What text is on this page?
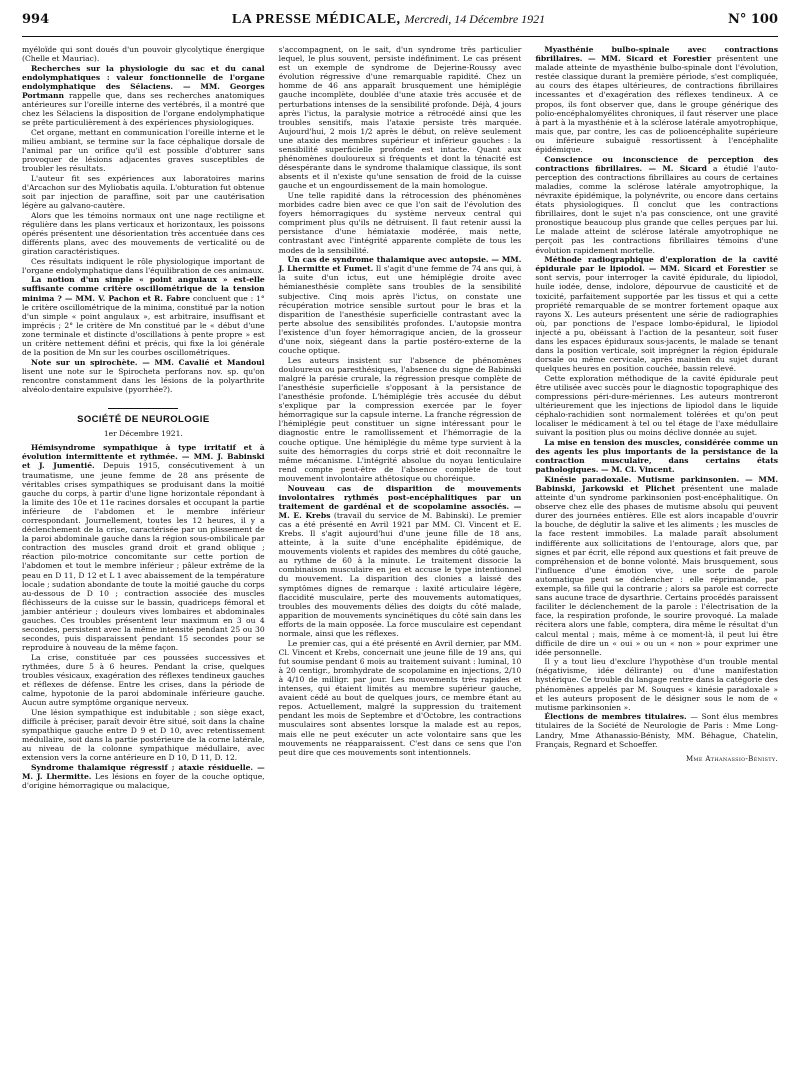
994	LA PRESSE MÉDICALE, Mercredi, 14 Décembre 1921	N° 100

myéloïde qui sont doués d'un pouvoir glycolytique énergique (Chelle et Mauriac).

Recherches sur la physiologie du sac et du canal endolymphatiques : valeur fonctionnelle de l'organe endolymphatique des Sélaciens. — MM. Georges Portmann rappelle que, dans ses recherches anatomiques antérieures sur l'oreille interne des vertébrés, il a montré que chez les Sélaciens la disposition de l'organe endolymphatique se prête particulièrement à des expériences physiologiques.

Cet organe, mettant en communication l'oreille interne et le milieu ambiant, se termine sur la face céphalique dorsale de l'animal par un orifice qu'il est possible d'obturer sans provoquer de lésions adjacentes graves susceptibles de troubler les résultats.

L'auteur fit ses expériences aux laboratoires marins d'Arcachon sur des Myliobatis aquila. L'obturation fut obtenue soit par injection de paraffine, soit par une cautérisation légère au galvano-cautère.

Alors que les témoins normaux ont une nage rectiligne et régulière dans les plans verticaux et horizontaux, les poissons opérés présentent une désorientation très accentuée dans ces différents plans, avec des mouvements de verticalité ou de giration caractéristiques.

Ces résultats indiquent le rôle physiologique important de l'organe endolymphatique dans l'équilibration de ces animaux.

La notion d'un simple « point angulaux » est-elle suffisante comme critère oscillométrique de la tension minima ? — MM. V. Pachon et R. Fabre concluent que : 1° le critère oscillométrique de la minima, constitué par la notion d'un simple « point angulaux », est arbitraire, insuffisant et imprécis ; 2° le critère de Mn constitué par le « début d'une zone terminale et distincte d'oscillations à pente propre » est un critère nettement défini et précis, qui fixe la loi générale de la position de Mn sur les courbes oscillométriques.

Note sur un spirochète. — MM. Cavalié et Mandoul lisent une note sur le Spirocheta perforans nov. sp. qu'on rencontre constamment dans les lésions de la polyarthrite alvéolo-dentaire expulsive (pyorrhée?).

SOCIÉTÉ DE NEUROLOGIE
1er Décembre 1921.

Hémisyndrome sympathique à type irritatif et à évolution intermittente et rythmée. — MM. J. Babinski et J. Jumentié. Depuis 1915, consécutivement à un traumatisme, une jeune femme de 28 ans présente de véritables crises sympathiques se produisant dans la moitié gauche du corps, à partir d'une ligne horizontale répondant à la limite des 10e et 11e racines dorsales et occupant la partie inférieure de l'abdomen et le membre inférieur correspondant. Journellement, toutes les 12 heures, il y a déclenchement de la crise, caractérisée par un plissement de la paroi abdominale gauche dans la région sous-ombilicale par contraction des muscles grand droit et grand oblique ; réaction pilo-motrice concomitante sur cette portion de l'abdomen et tout le membre inférieur ; pâleur extrême de la peau en D 11, D 12 et L 1 avec abaissement de la température locale ; sudation abondante de toute la moitié gauche du corps au-dessous de D 10 ; contraction associée des muscles fléchisseurs de la cuisse sur le bassin, quadriceps fémoral et jambier antérieur ; douleurs vives lombaires et abdominales gauches. Ces troubles présentent leur maximum en 3 ou 4 secondes, persistent avec la même intensité pendant 25 ou 30 secondes, puis disparaissent pendant 15 secondes pour se reproduire à nouveau de la même façon.

La crise, constituée par ces poussées successives et rythmées, dure 5 à 6 heures. Pendant la crise, quelques troubles vésicaux, exagération des réflexes tendineux gauches et réflexes de défense. Entre les crises, dans la période de calme, hypotonie de la paroi abdominale inférieure gauche. Aucun autre symptôme organique nerveux.

Une lésion sympathique est indubitable ; son siège exact, difficile à préciser, paraît devoir être situé, soit dans la chaîne sympathique gauche entre D 9 et D 10, avec retentissement médullaire, soit dans la partie postérieure de la corne latérale, au niveau de la colonne sympathique médullaire, avec extension vers la corne antérieure en D 10, D 11, D. 12.

Syndrome thalamique régressif ; ataxie résiduelle. — M. J. Lhermitte. Les lésions en foyer de la couche optique, d'origine hémorragique ou malacique,

s'accompagnent, on le sait, d'un syndrome très particulier lequel, le plus souvent, persiste indéfiniment. Le cas présent est un exemple de syndrome de Dejerine-Roussy avec évolution régressive d'une remarquable rapidité. Chez un homme de 46 ans apparaît brusquement une hémiplégie gauche incomplète, doublée d'une ataxie très accusée et de perturbations intenses de la sensibilité profonde. Déjà, 4 jours après l'ictus, la paralysie motrice a rétrocédé ainsi que les troubles sensitifs, mais l'ataxie persiste très marquée. Aujourd'hui, 2 mois 1/2 après le début, on relève seulement une ataxie des membres supérieur et inférieur gauches : la sensibilité superficielle profonde est intacte. Quant aux phénomènes douloureux si fréquents et dont la ténacité est désespérante dans le syndrome thalamique classique, ils sont absents et il n'existe qu'une sensation de froid de la cuisse gauche et un engourdissement de la main homologue.

Une telle rapidité dans la rétrocession des phénomènes morbides cadre bien avec ce que l'on sait de l'évolution des foyers hémorragiques du système nerveux central qui compriment plus qu'ils ne détruisent. Il faut retenir aussi la persistance d'une hémiataxie modérée, mais nette, contrastant avec l'intégrité apparente complète de tous les modes de la sensibilité.

Un cas de syndrome thalamique avec autopsie. — MM. J. Lhermitte et Fumet. Il s'agit d'une femme de 74 ans qui, à la suite d'un ictus, eut une hémiplégie droite avec hémianesthésie complète sans troubles de la sensibilité subjective. Cinq mois après l'ictus, on constate une récupération motrice sensible surtout pour le bras et la disparition de l'anesthésie superficielle contrastant avec la perte absolue des sensibilités profondes. L'autopsie montra l'existence d'un foyer hémorragique ancien, de la grosseur d'une noix, siégeant dans la partie postéro-externe de la couche optique.

Les auteurs insistent sur l'absence de phénomènes douloureux ou paresthésiques, l'absence du signe de Babinski malgré la parésie crurale, la régression presque complète de l'anesthésie superficielle s'opposant à la persistance de l'anesthésie profonde. L'hémiplégie très accusée du début s'explique par la compression exercée par le foyer hémorragique sur la capsule interne. La franche régression de l'hémiplégie peut constituer un signe intéressant pour le diagnostic entre le ramollissement et l'hémorragie de la couche optique. Une hémiplégie du même type survient à la suite des hémorragies du corps strié et doit reconnaître le même mécanisme. L'intégrité absolue du noyau lenticulaire rend compte peut-être de l'absence complète de tout mouvement involontaire athétosique ou choréique.

Nouveau cas de disparition de mouvements involontaires rythmés post-encéphalitiques par un traitement de gardénal et de scopolamine associés. — M. E. Krebs (travail du service de M. Babinski). Le premier cas a été présenté en Avril 1921 par MM. Cl. Vincent et E. Krebs. Il s'agit aujourd'hui d'une jeune fille de 18 ans, atteinte, à la suite d'une encéphalite épidémique, de mouvements violents et rapides des membres du côté gauche, au rythme de 60 à la minute. Le traitement dissocie la combinaison musculaire en jeu et accuse le type intentionnel du mouvement. La disparition des clonies a laissé des symptômes dignes de remarque : laxité articulaire légère, flaccidité musculaire, perte des mouvements automatiques, troubles des mouvements délies des doigts du côté malade, apparition de mouvements syncinétiques du côté sain dans les efforts de la main opposée. La force musculaire est cependant normale, ainsi que les réflexes.

Le premier cas, qui a été présenté en Avril dernier, par MM. Cl. Vincent et Krebs, concernait une jeune fille de 19 ans, qui fut soumise pendant 6 mois au traitement suivant : luminal, 10 à 20 centigr., bromhydrate de scopolamine en injections, 2/10 à 4/10 de milligr. par jour. Les mouvements très rapides et intenses, qui étaient limités au membre supérieur gauche, avaient cédé au bout de quelques jours, ce membre étant au repos. Actuellement, malgré la suppression du traitement pendant les mois de Septembre et d'Octobre, les contractions musculaires sont absentes lorsque la malade est au repos, mais elle ne peut exécuter un acte volontaire sans que les mouvements ne réapparaissent. C'est dans ce sens que l'on peut dire que ces mouvements sont intentionnels.

Myasthénie bulbo-spinale avec contractions fibrillaires. — MM. Sicard et Forestier présentent une malade atteinte de myasthénie bulbo-spinale dont l'évolution, restée classique durant la première période, s'est compliquée, au cours des étapes ultérieures, de contractions fibrillaires incessantes et d'exagération des réflexes tendineux. A ce propos, ils font observer que, dans le groupe générique des polio-encéphalomyélites chroniques, il faut réserver une place à part à la myasthénie et à la sclérose latérale amyotrophique, mais que, par contre, les cas de polioencéphalite supérieure ou inférieure subaiguë ressortissent à l'encéphalite épidémique.

Conscience ou inconscience de perception des contractions fibrillaires. — M. Sicard a étudié l'auto-perception des contractions fibrillaires au cours de certaines maladies, comme la sclérose latérale amyotrophique, la névraxite épidémique, la polynévrite, ou encore dans certains états physiologiques. Il conclut que les contractions fibrillaires, dont le sujet n'a pas conscience, ont une gravité pronostique beaucoup plus grande que celles perçues par lui. Le malade atteint de sclérose latérale amyotrophique ne perçoit pas les contractions fibrillaires témoins d'une évolution rapidement mortelle.

Méthode radiographique d'exploration de la cavité épidurale par le lipiodol. — MM. Sicard et Forestier se sont servis, pour interroger la cavité épidurale, du lipiodol, huile iodée, dense, indolore, dépourvue de causticité et de toxicité, parfaitement supportée par les tissus et qui a cette propriété remarquable de se montrer fortement opaque aux rayons X. Les auteurs présentent une série de radiographies où, par ponctions de l'espace lombo-épidural, le lipiodol injecté a pu, obéissant à l'action de la pesanteur, soit fuser dans les espaces épiduraux sous-jacents, le malade se tenant dans la position verticale, soit imprégner la région épidurale dorsale ou même cervicale, après maintien du sujet durant quelques heures en position couchée, bassin relevé.

Cette exploration méthodique de la cavité épidurale peut être utilisée avec succès pour le diagnostic topographique des compressions péri-dure-mériennes. Les auteurs montreront ultérieurement que les injections de lipiodol dans le liquide céphalo-rachidien sont normalement tolérées et qu'on peut localiser le médicament à tel ou tel étage de l'axe médullaire suivant la position plus ou moins déclive donnée au sujet.

La mise en tension des muscles, considérée comme un des agents les plus importants de la persistance de la contraction musculaire, dans certains états pathologiques. — M. Cl. Vincent.

Kinésie paradoxale. Mutisme parkinsonien. — MM. Babinski, Jarkowski et Plichet présentent une malade atteinte d'un syndrome parkinsonien post-encéphalitique. On observe chez elle des phases de mutisme absolu qui peuvent durer des journées entières. Elle est alors incapable d'ouvrir la bouche, de déglutir la salive et les aliments ; les muscles de la face restent immobiles. La malade paraît absolument indifférente aux sollicitations de l'entourage, alors que, par signes et par écrit, elle répond aux questions et fait preuve de compréhension et de bonne volonté. Mais brusquement, sous l'influence d'une émotion vive, une sorte de parole automatique peut se déclencher : elle réprimande, par exemple, sa fille qui la contrarie ; alors sa parole est correcte sans aucune trace de dysarthrie. Certains procédés paraissent faciliter le déclenchement de la parole : l'électrisation de la face, la respiration profonde, le sourire provoqué. La malade récitera alors une fable, comptera, dira même le résultat d'un calcul mental ; mais, même à ce moment-là, il peut lui être difficile de dire un « oui » ou un « non » pour exprimer une idée personnelle.

Il y a tout lieu d'exclure l'hypothèse d'un trouble mental (négativisme, idée délirante) ou d'une manifestation hystérique. Ce trouble du langage rentre dans la catégorie des phénomènes appelés par M. Souques « kinésie paradoxale » et les auteurs proposent de le désigner sous le nom de « mutisme parkinsonien ».

Élections de membres titulaires. — Sont élus membres titulaires de la Société de Neurologie de Paris : Mme Long-Landry, Mme Athanassio-Bénisty, MM. Béhague, Chatelin, Français, Regnard et Schoeffer.

Mme Athanassio-Bénisty.
